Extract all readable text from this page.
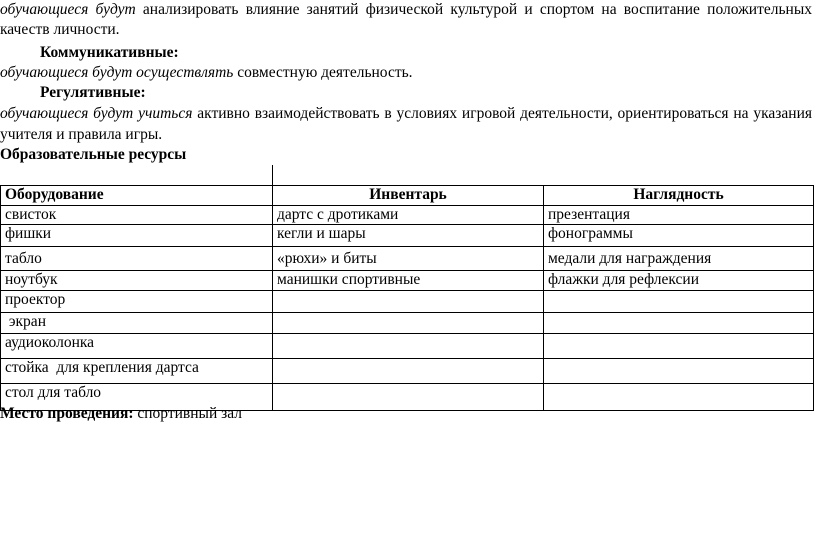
обучающиеся будут анализировать влияние занятий физической культурой и спортом на воспитание положительных
качеств личности.
Коммуникативные:
обучающиеся будут осуществлять совместную деятельность.
Регулятивные:
обучающиеся будут учиться активно взаимодействовать в условиях игровой деятельности, ориентироваться на указания
учителя и правила игры.
Образовательные ресурсы
Оборудование	Инвентарь	Наглядность
свисток	дартс с дротиками	презентация
фишки	кегли и шары	фонограммы
табло	«рюхи» и биты	медали для награждения
ноутбук	манишки спортивные	флажки для рефлексии
проектор		
экран		
аудиоколонка		
стойка  для крепления дартса		
стол для табло		
Место проведения: спортивный зал
